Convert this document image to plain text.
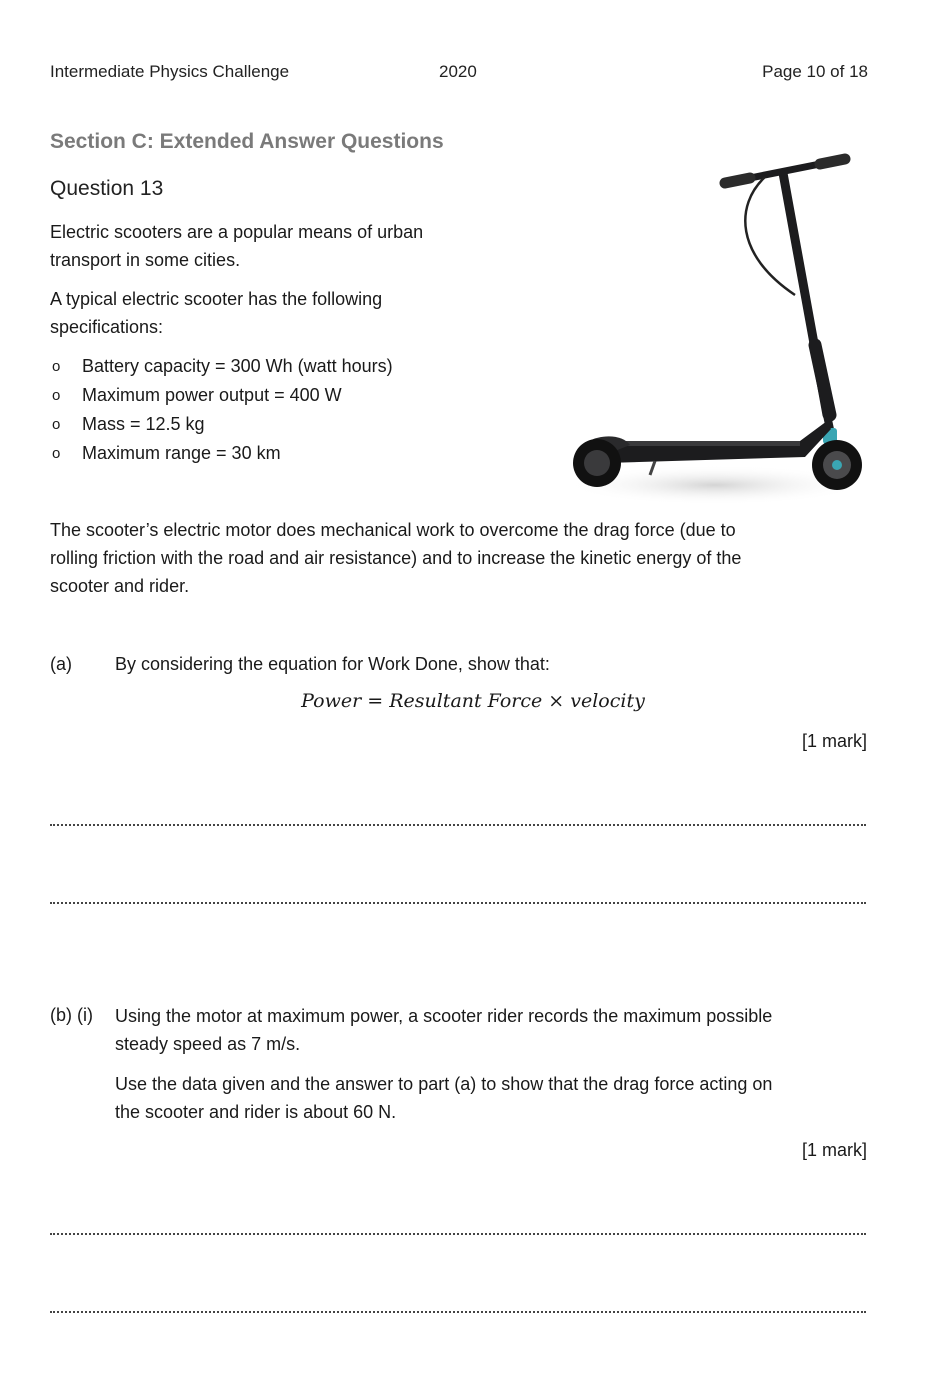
Intermediate Physics Challenge	2020	Page 10 of 18
Section C: Extended Answer Questions
Question 13
Electric scooters are a popular means of urban
transport in some cities.
A typical electric scooter has the following
specifications:
o Battery capacity = 300 Wh (watt hours)
o Maximum power output = 400 W
o Mass = 12.5 kg
o Maximum range = 30 km
The scooter’s electric motor does mechanical work to overcome the drag force (due to
rolling friction with the road and air resistance) and to increase the kinetic energy of the
scooter and rider.
(a) By considering the equation for Work Done, show that:
Power = Resultant Force × velocity
[1 mark]
(b) (i) Using the motor at maximum power, a scooter rider records the maximum possible
steady speed as 7 m/s.
Use the data given and the answer to part (a) to show that the drag force acting on
the scooter and rider is about 60 N.
[1 mark]
